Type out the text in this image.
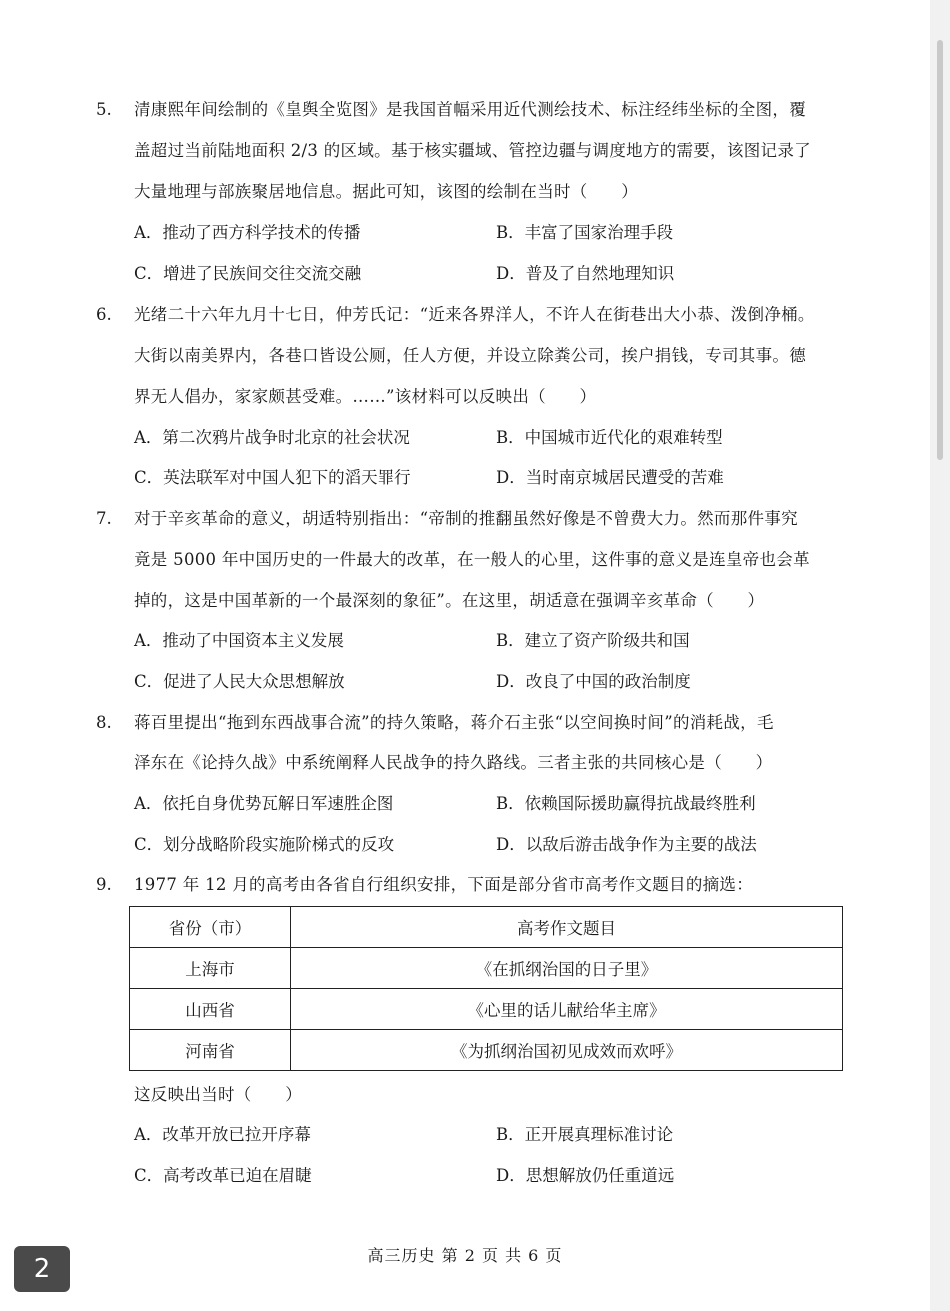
5. 清康熙年间绘制的《皇舆全览图》是我国首幅采用近代测绘技术、标注经纬坐标的全图，覆
盖超过当前陆地面积 2/3 的区域。基于核实疆域、管控边疆与调度地方的需要，该图记录了
大量地理与部族聚居地信息。据此可知，该图的绘制在当时（　　）
A．推动了西方科学技术的传播	B．丰富了国家治理手段
C．增进了民族间交往交流交融	D．普及了自然地理知识
6. 光绪二十六年九月十七日，仲芳氏记：“近来各界洋人，不许人在街巷出大小恭、泼倒净桶。
大街以南美界内，各巷口皆设公厕，任人方便，并设立除粪公司，挨户捐钱，专司其事。德
界无人倡办，家家颇甚受难。……”该材料可以反映出（　　）
A．第二次鸦片战争时北京的社会状况	B．中国城市近代化的艰难转型
C．英法联军对中国人犯下的滔天罪行	D．当时南京城居民遭受的苦难
7. 对于辛亥革命的意义，胡适特别指出：“帝制的推翻虽然好像是不曾费大力。然而那件事究
竟是 5000 年中国历史的一件最大的改革，在一般人的心里，这件事的意义是连皇帝也会革
掉的，这是中国革新的一个最深刻的象征”。在这里，胡适意在强调辛亥革命（　　）
A．推动了中国资本主义发展	B．建立了资产阶级共和国
C．促进了人民大众思想解放	D．改良了中国的政治制度
8. 蒋百里提出“拖到东西战事合流”的持久策略，蒋介石主张“以空间换时间”的消耗战，毛
泽东在《论持久战》中系统阐释人民战争的持久路线。三者主张的共同核心是（　　）
A．依托自身优势瓦解日军速胜企图	B．依赖国际援助赢得抗战最终胜利
C．划分战略阶段实施阶梯式的反攻	D．以敌后游击战争作为主要的战法
9. 1977 年 12 月的高考由各省自行组织安排，下面是部分省市高考作文题目的摘选：
省份（市）	高考作文题目
上海市	《在抓纲治国的日子里》
山西省	《心里的话儿献给华主席》
河南省	《为抓纲治国初见成效而欢呼》
这反映出当时（　　）
A．改革开放已拉开序幕	B．正开展真理标准讨论
C．高考改革已迫在眉睫	D．思想解放仍任重道远
高三历史 第 2 页 共 6 页
2
